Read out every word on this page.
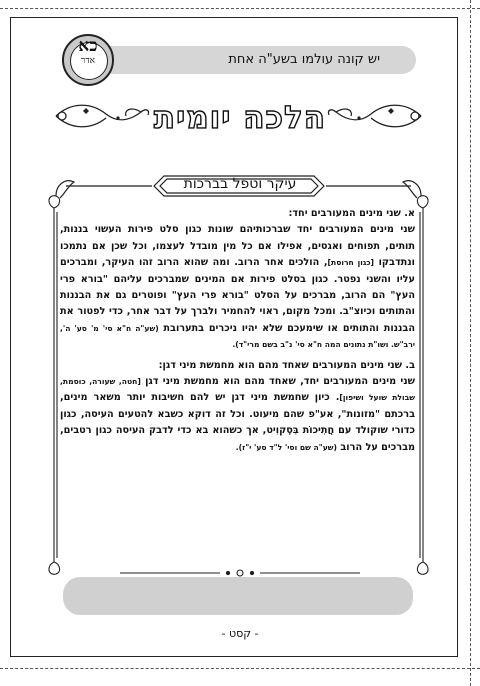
יש קונה עולמו בשע"ה אחת
כא
אדר
הלכה יומית
עיקר וטפל בברכות

א. שני מינים המעורבים יחד:

שני מינים המעורבים יחד שברכותיהם שונות כגון סלט פירות העשוי בננות, תותים, תפוחים ואגסים, אפילו אם כל מין מובדל לעצמו, וכל שכן אם נתמכו ונתדבקו [כגון חרוסת], הולכים אחר הרוב. ומה שהוא הרוב זהו העיקר, ומברכים עליו והשני נפטר. כגון בסלט פירות אם המינים שמברכים עליהם "בורא פרי העץ" הם הרוב, מברכים על הסלט "בורא פרי העץ" ופוטרים גם את הבננות והתותים וכיוצ"ב. ומכל מקום, ראוי להחמיר ולברך על דבר אחר, כדי לפטור את הבננות והתותים או שימעכם שלא יהיו ניכרים בתערובת (שע"ה ח"א סי' מ' סע' ה', ירב"ש. ושו"ת נתונים המה ח"א סי' נ"ב בשם מרי"ד).

ב. שני מינים המעורבים שאחד מהם הוא מחמשת מיני דגן:

שני מינים המעורבים יחד, שאחד מהם הוא מחמשת מיני דגן [חטה, שעורה, כוסמת, שבולת שועל ושיפון]. כיון שחמשת מיני דגן יש להם חשיבות יותר משאר מינים, ברכתם "מזונות", אע"פ שהם מיעוט. וכל זה דוקא כשבא להטעים העיסה, כגון כדורי שוקולד עם חֲתִיכוֹת בִּסְקוִיט, אך כשהוא בא כדי לדבק העיסה כגון רטבים, מברכים על הרוב (שע"ה שם וסי' ל"ד סע' י"ז).

- קסט -
